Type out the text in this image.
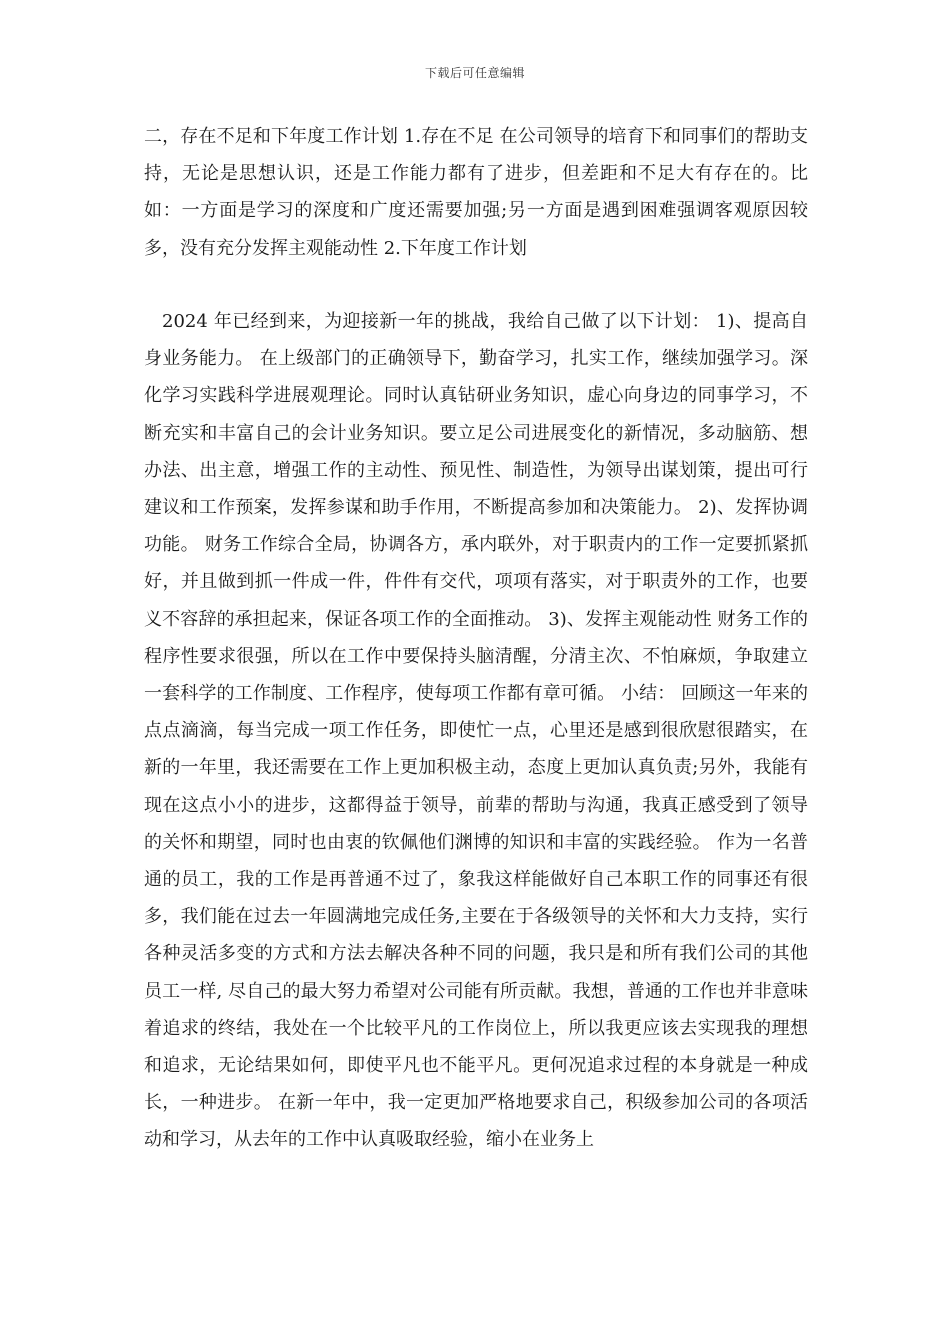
下载后可任意编辑

二，存在不足和下年度工作计划 1.存在不足 在公司领导的培育下和同事们的帮助支持，无论是思想认识，还是工作能力都有了进步，但差距和不足大有存在的。比如：一方面是学习的深度和广度还需要加强;另一方面是遇到困难强调客观原因较多，没有充分发挥主观能动性 2.下年度工作计划

2024 年已经到来，为迎接新一年的挑战，我给自己做了以下计划： 1)、提高自身业务能力。 在上级部门的正确领导下，勤奋学习，扎实工作，继续加强学习。深化学习实践科学进展观理论。同时认真钻研业务知识，虚心向身边的同事学习，不断充实和丰富自己的会计业务知识。要立足公司进展变化的新情况，多动脑筋、想办法、出主意，增强工作的主动性、预见性、制造性，为领导出谋划策，提出可行建议和工作预案，发挥参谋和助手作用，不断提高参加和决策能力。 2)、发挥协调功能。 财务工作综合全局，协调各方，承内联外，对于职责内的工作一定要抓紧抓好，并且做到抓一件成一件，件件有交代，项项有落实，对于职责外的工作，也要义不容辞的承担起来，保证各项工作的全面推动。 3)、发挥主观能动性 财务工作的程序性要求很强，所以在工作中要保持头脑清醒，分清主次、不怕麻烦，争取建立一套科学的工作制度、工作程序，使每项工作都有章可循。 小结： 回顾这一年来的点点滴滴，每当完成一项工作任务，即使忙一点，心里还是感到很欣慰很踏实，在新的一年里，我还需要在工作上更加积极主动，态度上更加认真负责;另外，我能有现在这点小小的进步，这都得益于领导，前辈的帮助与沟通，我真正感受到了领导的关怀和期望，同时也由衷的钦佩他们渊博的知识和丰富的实践经验。 作为一名普通的员工，我的工作是再普通不过了，象我这样能做好自己本职工作的同事还有很多，我们能在过去一年圆满地完成任务,主要在于各级领导的关怀和大力支持，实行各种灵活多变的方式和方法去解决各种不同的问题，我只是和所有我们公司的其他员工一样, 尽自己的最大努力希望对公司能有所贡献。我想，普通的工作也并非意味着追求的终结，我处在一个比较平凡的工作岗位上，所以我更应该去实现我的理想和追求，无论结果如何，即使平凡也不能平凡。更何况追求过程的本身就是一种成长，一种进步。 在新一年中，我一定更加严格地要求自己，积级参加公司的各项活动和学习，从去年的工作中认真吸取经验，缩小在业务上
